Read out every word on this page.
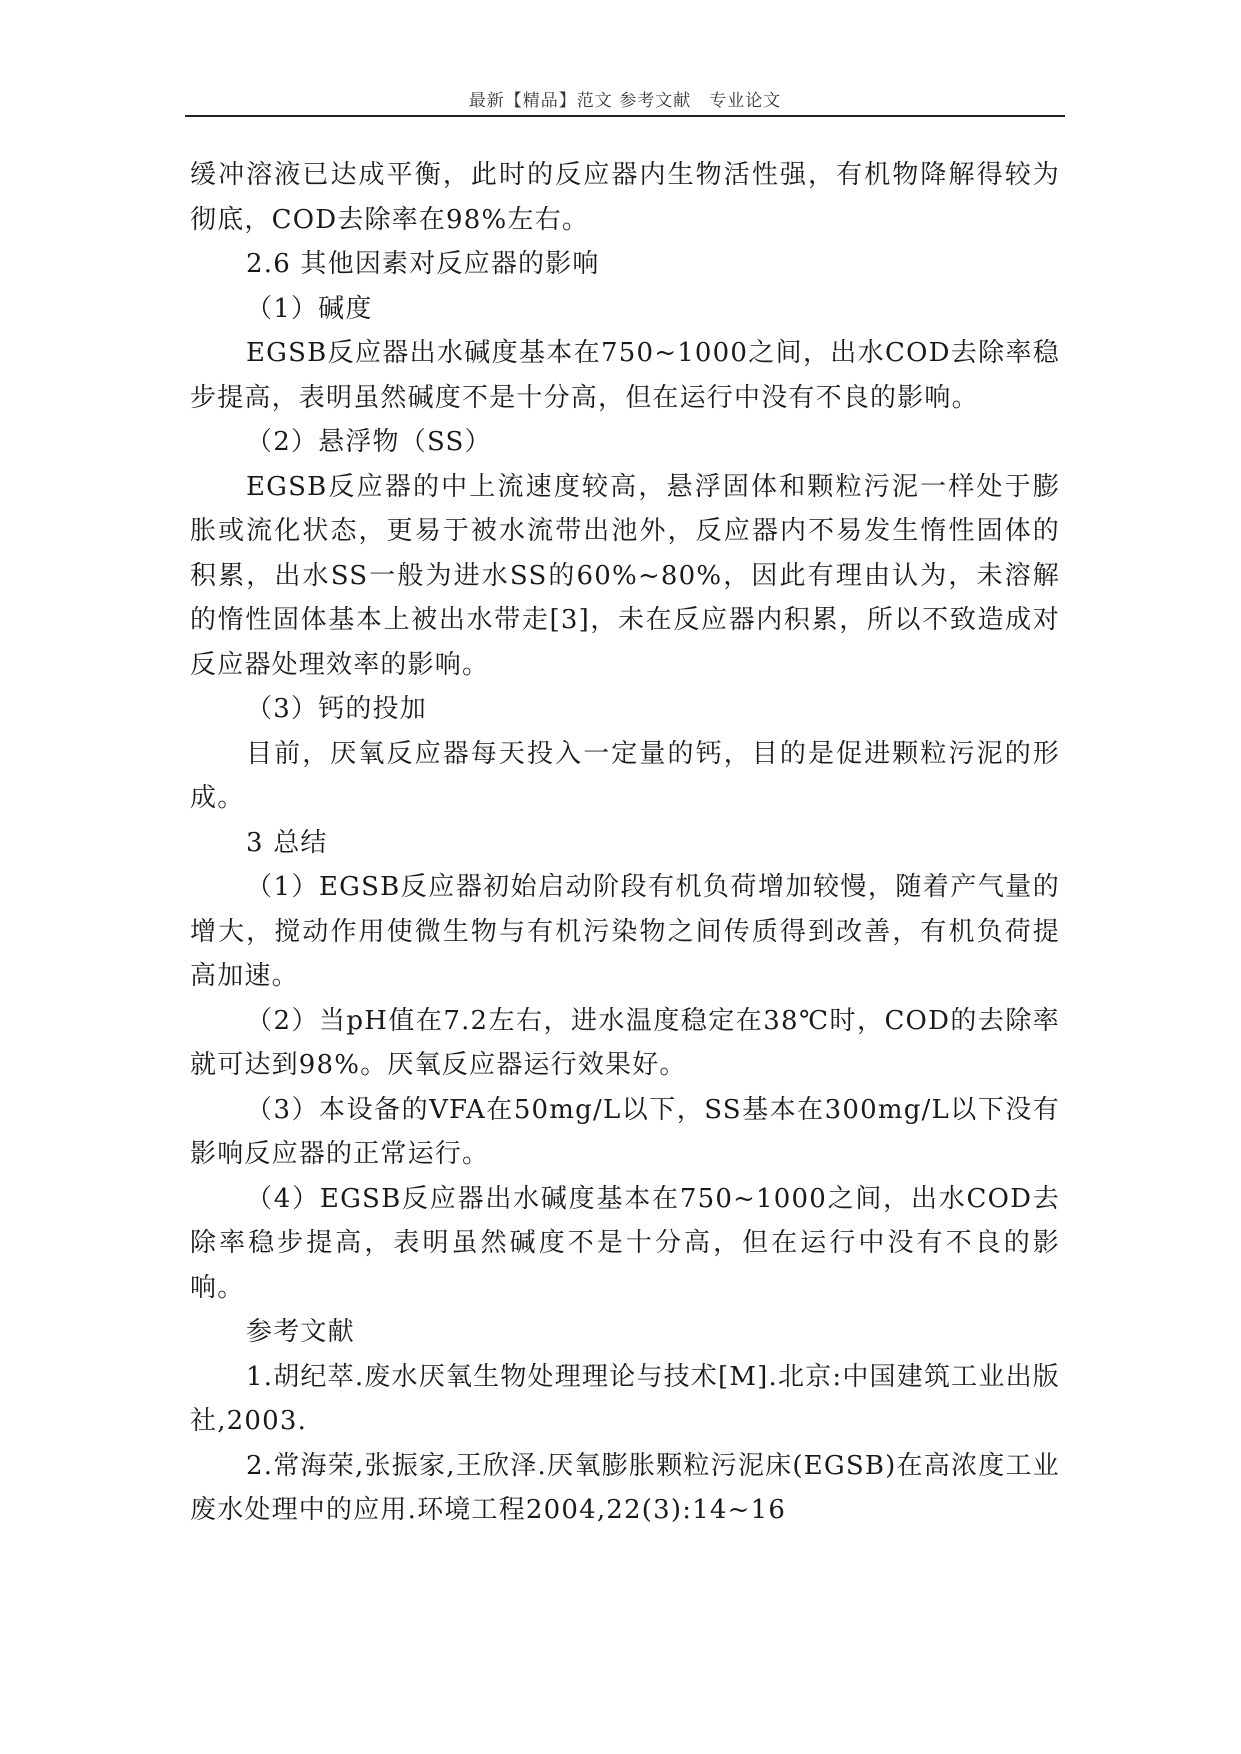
最新【精品】范文 参考文献　专业论文

缓冲溶液已达成平衡，此时的反应器内生物活性强，有机物降解得较为彻底，COD去除率在98%左右。

2.6 其他因素对反应器的影响

（1）碱度

EGSB反应器出水碱度基本在750~1000之间，出水COD去除率稳步提高，表明虽然碱度不是十分高，但在运行中没有不良的影响。

（2）悬浮物（SS）

EGSB反应器的中上流速度较高，悬浮固体和颗粒污泥一样处于膨胀或流化状态，更易于被水流带出池外，反应器内不易发生惰性固体的积累，出水SS一般为进水SS的60%~80%，因此有理由认为，未溶解的惰性固体基本上被出水带走[3]，未在反应器内积累，所以不致造成对反应器处理效率的影响。

（3）钙的投加

目前，厌氧反应器每天投入一定量的钙，目的是促进颗粒污泥的形成。

3 总结

（1）EGSB反应器初始启动阶段有机负荷增加较慢，随着产气量的增大，搅动作用使微生物与有机污染物之间传质得到改善，有机负荷提高加速。

（2）当pH值在7.2左右，进水温度稳定在38℃时，COD的去除率就可达到98%。厌氧反应器运行效果好。

（3）本设备的VFA在50mg/L以下，SS基本在300mg/L以下没有影响反应器的正常运行。

（4）EGSB反应器出水碱度基本在750~1000之间，出水COD去除率稳步提高，表明虽然碱度不是十分高，但在运行中没有不良的影响。

参考文献

1.胡纪萃.废水厌氧生物处理理论与技术[M].北京:中国建筑工业出版社,2003.

2.常海荣,张振家,王欣泽.厌氧膨胀颗粒污泥床(EGSB)在高浓度工业废水处理中的应用.环境工程2004,22(3):14~16
